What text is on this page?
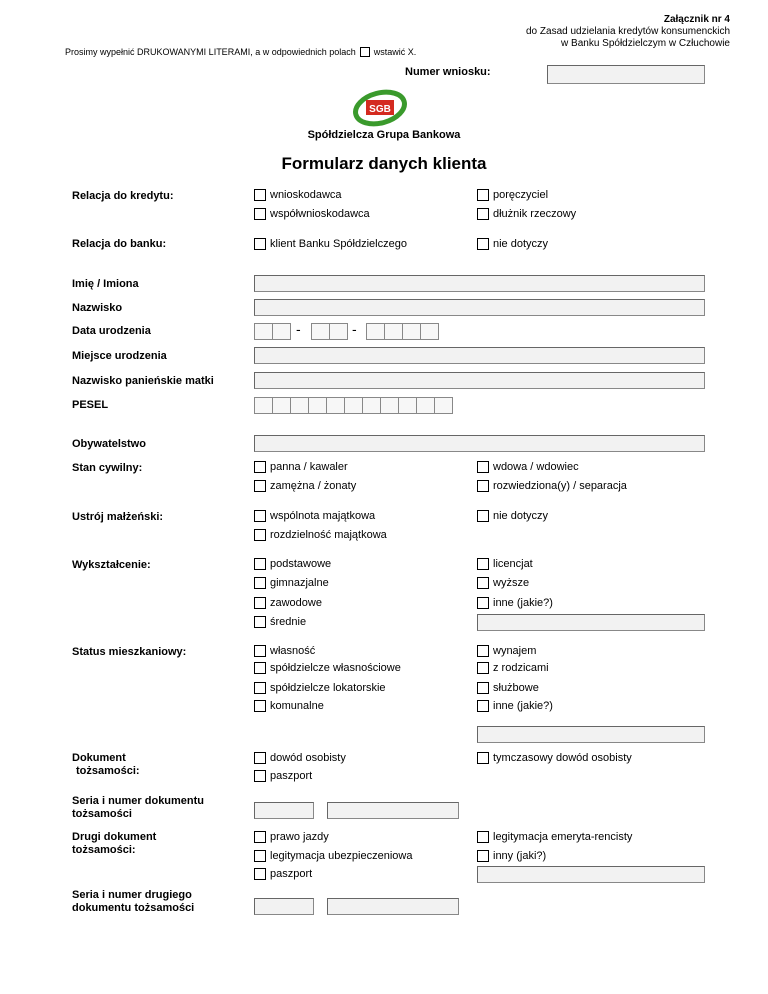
Załącznik nr 4
do Zasad udzielania kredytów konsumenckich
w Banku Spółdzielczym w Człuchowie
Prosimy wypełnić DRUKOWANYMI LITERAMI, a w odpowiednich polach wstawić X.
Numer wniosku:
SGB
Spółdzielcza Grupa Bankowa
Formularz danych klienta
Relacja do kredytu:	wnioskodawca	poręczyciel
współwnioskodawca	dłużnik rzeczowy
Relacja do banku:	klient Banku Spółdzielczego	nie dotyczy
Imię / Imiona
Nazwisko
Data urodzenia	-	-
Miejsce urodzenia
Nazwisko panieńskie matki
PESEL
Obywatelstwo
Stan cywilny:	panna / kawaler	wdowa / wdowiec
zamężna / żonaty	rozwiedziona(y) / separacja
Ustrój małżeński:	wspólnota majątkowa	nie dotyczy
rozdzielność majątkowa
Wykształcenie:	podstawowe	licencjat
gimnazjalne	wyższe
zawodowe	inne (jakie?)
średnie
Status mieszkaniowy:	własność	wynajem
spółdzielcze własnościowe	z rodzicami
spółdzielcze lokatorskie	służbowe
komunalne	inne (jakie?)
Dokument
tożsamości:
dowód osobisty	tymczasowy dowód osobisty
paszport
Seria i numer dokumentu
tożsamości
Drugi dokument
tożsamości:
prawo jazdy	legitymacja emeryta-rencisty
legitymacja ubezpieczeniowa	inny (jaki?)
paszport
Seria i numer drugiego
dokumentu tożsamości
